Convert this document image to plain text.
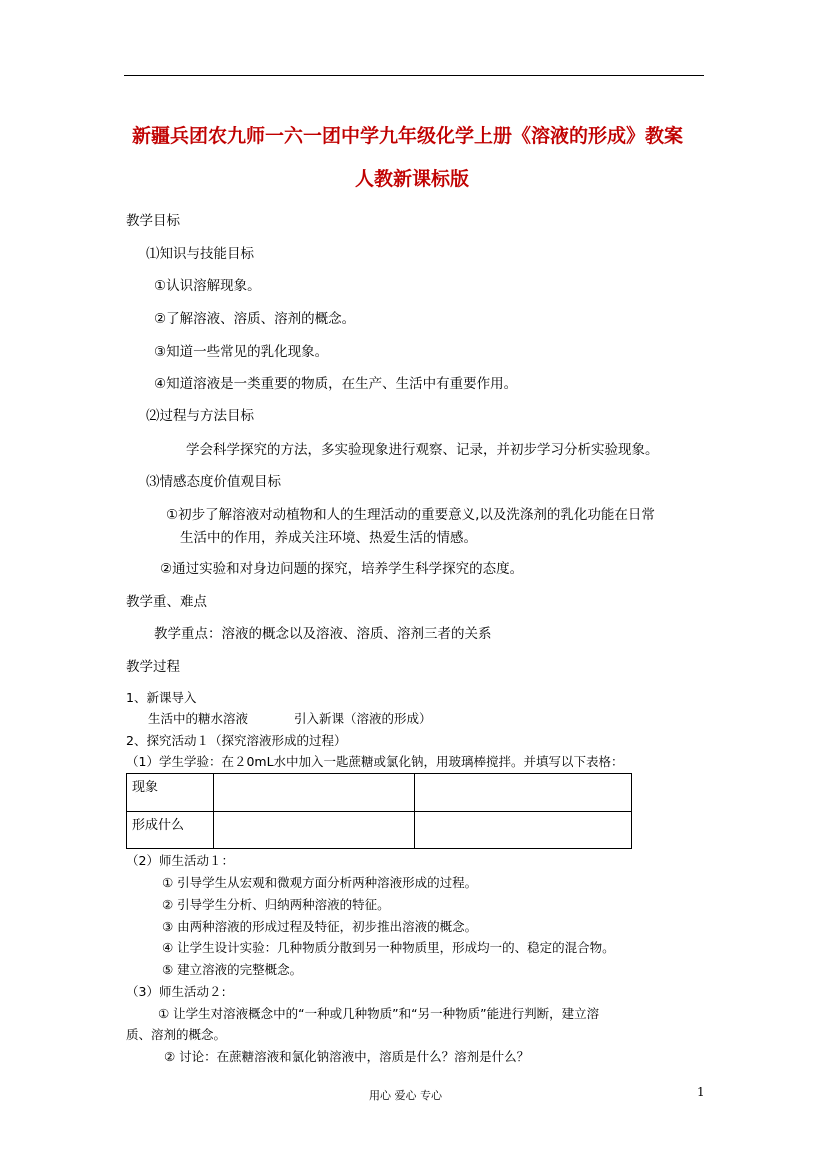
新疆兵团农九师一六一团中学九年级化学上册《溶液的形成》教案
人教新课标版
教学目标
⑴知识与技能目标
①认识溶解现象。
②了解溶液、溶质、溶剂的概念。
③知道一些常见的乳化现象。
④知道溶液是一类重要的物质，在生产、生活中有重要作用。
⑵过程与方法目标
学会科学探究的方法，多实验现象进行观察、记录，并初步学习分析实验现象。
⑶情感态度价值观目标
①初步了解溶液对动植物和人的生理活动的重要意义,以及洗涤剂的乳化功能在日常
生活中的作用，养成关注环境、热爱生活的情感。
②通过实验和对身边问题的探究，培养学生科学探究的态度。
教学重、难点
教学重点：溶液的概念以及溶液、溶质、溶剂三者的关系
教学过程
1、新课导入
生活中的糖水溶液	引入新课（溶液的形成）
2、探究活动１（探究溶液形成的过程）
（1）学生学验：在２0mL水中加入一匙蔗糖或氯化钠，用玻璃棒搅拌。并填写以下表格：
现象		
形成什么		
（2）师生活动１：
① 引导学生从宏观和微观方面分析两种溶液形成的过程。
② 引导学生分析、归纳两种溶液的特征。
③ 由两种溶液的形成过程及特征，初步推出溶液的概念。
④ 让学生设计实验：几种物质分散到另一种物质里，形成均一的、稳定的混合物。
⑤ 建立溶液的完整概念。
（3）师生活动２:
① 让学生对溶液概念中的“一种或几种物质”和“另一种物质”能进行判断，建立溶
质、溶剂的概念。
② 讨论：在蔗糖溶液和氯化钠溶液中，溶质是什么？溶剂是什么？
用心 爱心 专心	1
